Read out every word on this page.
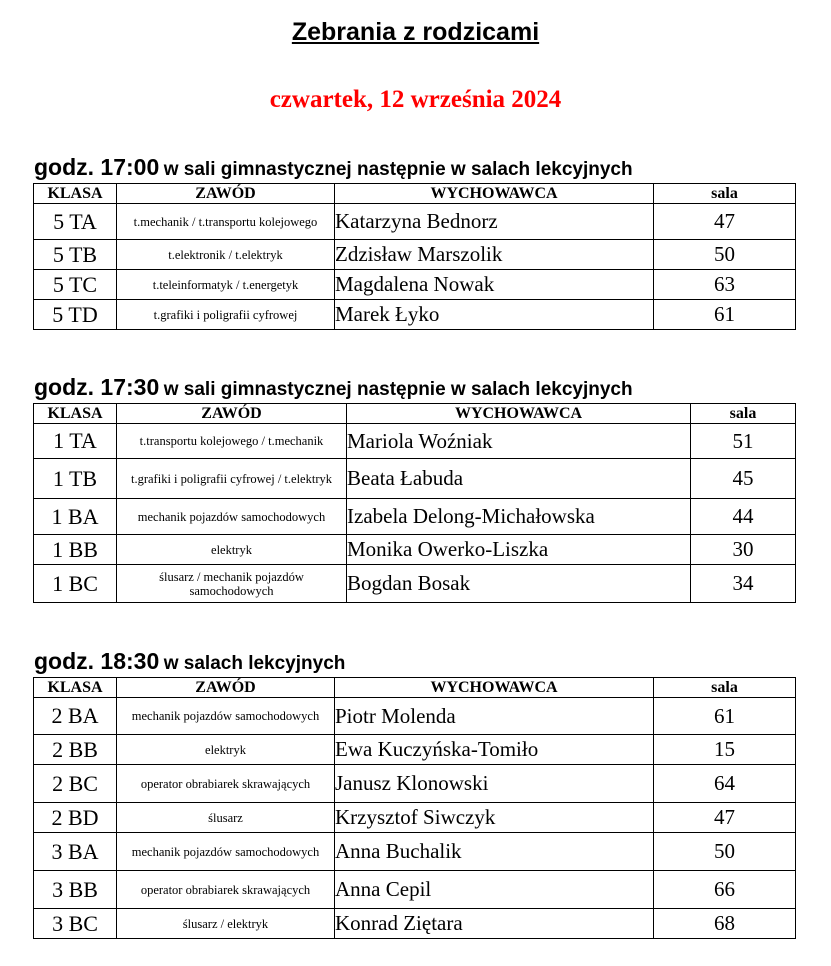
Zebrania z rodzicami
czwartek, 12 września 2024
godz. 17:00 w sali gimnastycznej następnie w salach lekcyjnych
KLASA	ZAWÓD	WYCHOWAWCA	sala
5 TA	t.mechanik / t.transportu kolejowego	Katarzyna Bednorz	47
5 TB	t.elektronik / t.elektryk	Zdzisław Marszolik	50
5 TC	t.teleinformatyk / t.energetyk	Magdalena Nowak	63
5 TD	t.grafiki i poligrafii cyfrowej	Marek Łyko	61
godz. 17:30 w sali gimnastycznej następnie w salach lekcyjnych
KLASA	ZAWÓD	WYCHOWAWCA	sala
1 TA	t.transportu kolejowego / t.mechanik	Mariola Woźniak	51
1 TB	t.grafiki i poligrafii cyfrowej / t.elektryk	Beata Łabuda	45
1 BA	mechanik pojazdów samochodowych	Izabela Delong-Michałowska	44
1 BB	elektryk	Monika Owerko-Liszka	30
1 BC	ślusarz / mechanik pojazdów samochodowych	Bogdan Bosak	34
godz. 18:30 w salach lekcyjnych
KLASA	ZAWÓD	WYCHOWAWCA	sala
2 BA	mechanik pojazdów samochodowych	Piotr Molenda	61
2 BB	elektryk	Ewa Kuczyńska-Tomiło	15
2 BC	operator obrabiarek skrawających	Janusz Klonowski	64
2 BD	ślusarz	Krzysztof Siwczyk	47
3 BA	mechanik pojazdów samochodowych	Anna Buchalik	50
3 BB	operator obrabiarek skrawających	Anna Cepil	66
3 BC	ślusarz / elektryk	Konrad Ziętara	68
